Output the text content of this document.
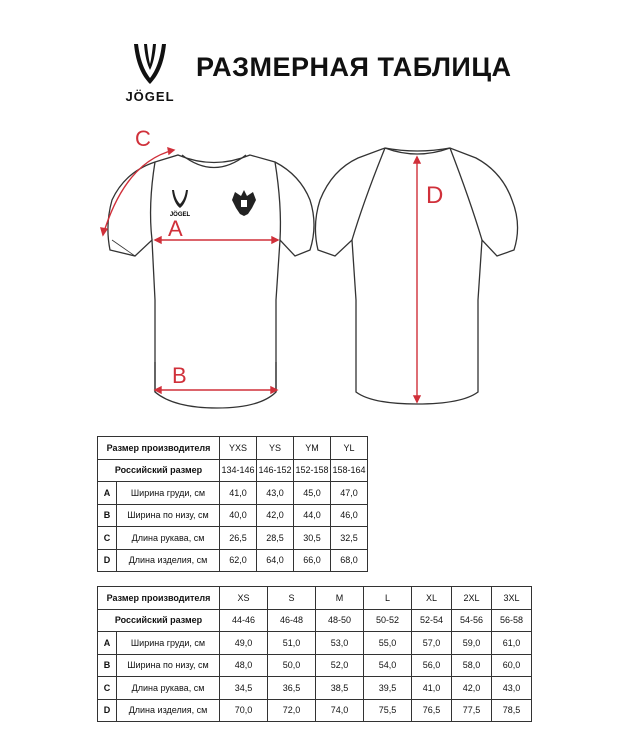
JÖGEL
РАЗМЕРНАЯ ТАБЛИЦА
JÖGEL
A
B
C
D
Размер производителя		YXS	YS	YM	YL
Российский размер		134-146	146-152	152-158	158-164
A	Ширина груди, см	41,0	43,0	45,0	47,0
B	Ширина по низу, см	40,0	42,0	44,0	46,0
C	Длина рукава, см	26,5	28,5	30,5	32,5
D	Длина изделия, см	62,0	64,0	66,0	68,0
Размер производителя		XS	S	M	L	XL	2XL	3XL
Российский размер		44-46	46-48	48-50	50-52	52-54	54-56	56-58
A	Ширина груди, см	49,0	51,0	53,0	55,0	57,0	59,0	61,0
B	Ширина по низу, см	48,0	50,0	52,0	54,0	56,0	58,0	60,0
C	Длина рукава, см	34,5	36,5	38,5	39,5	41,0	42,0	43,0
D	Длина изделия, см	70,0	72,0	74,0	75,5	76,5	77,5	78,5
